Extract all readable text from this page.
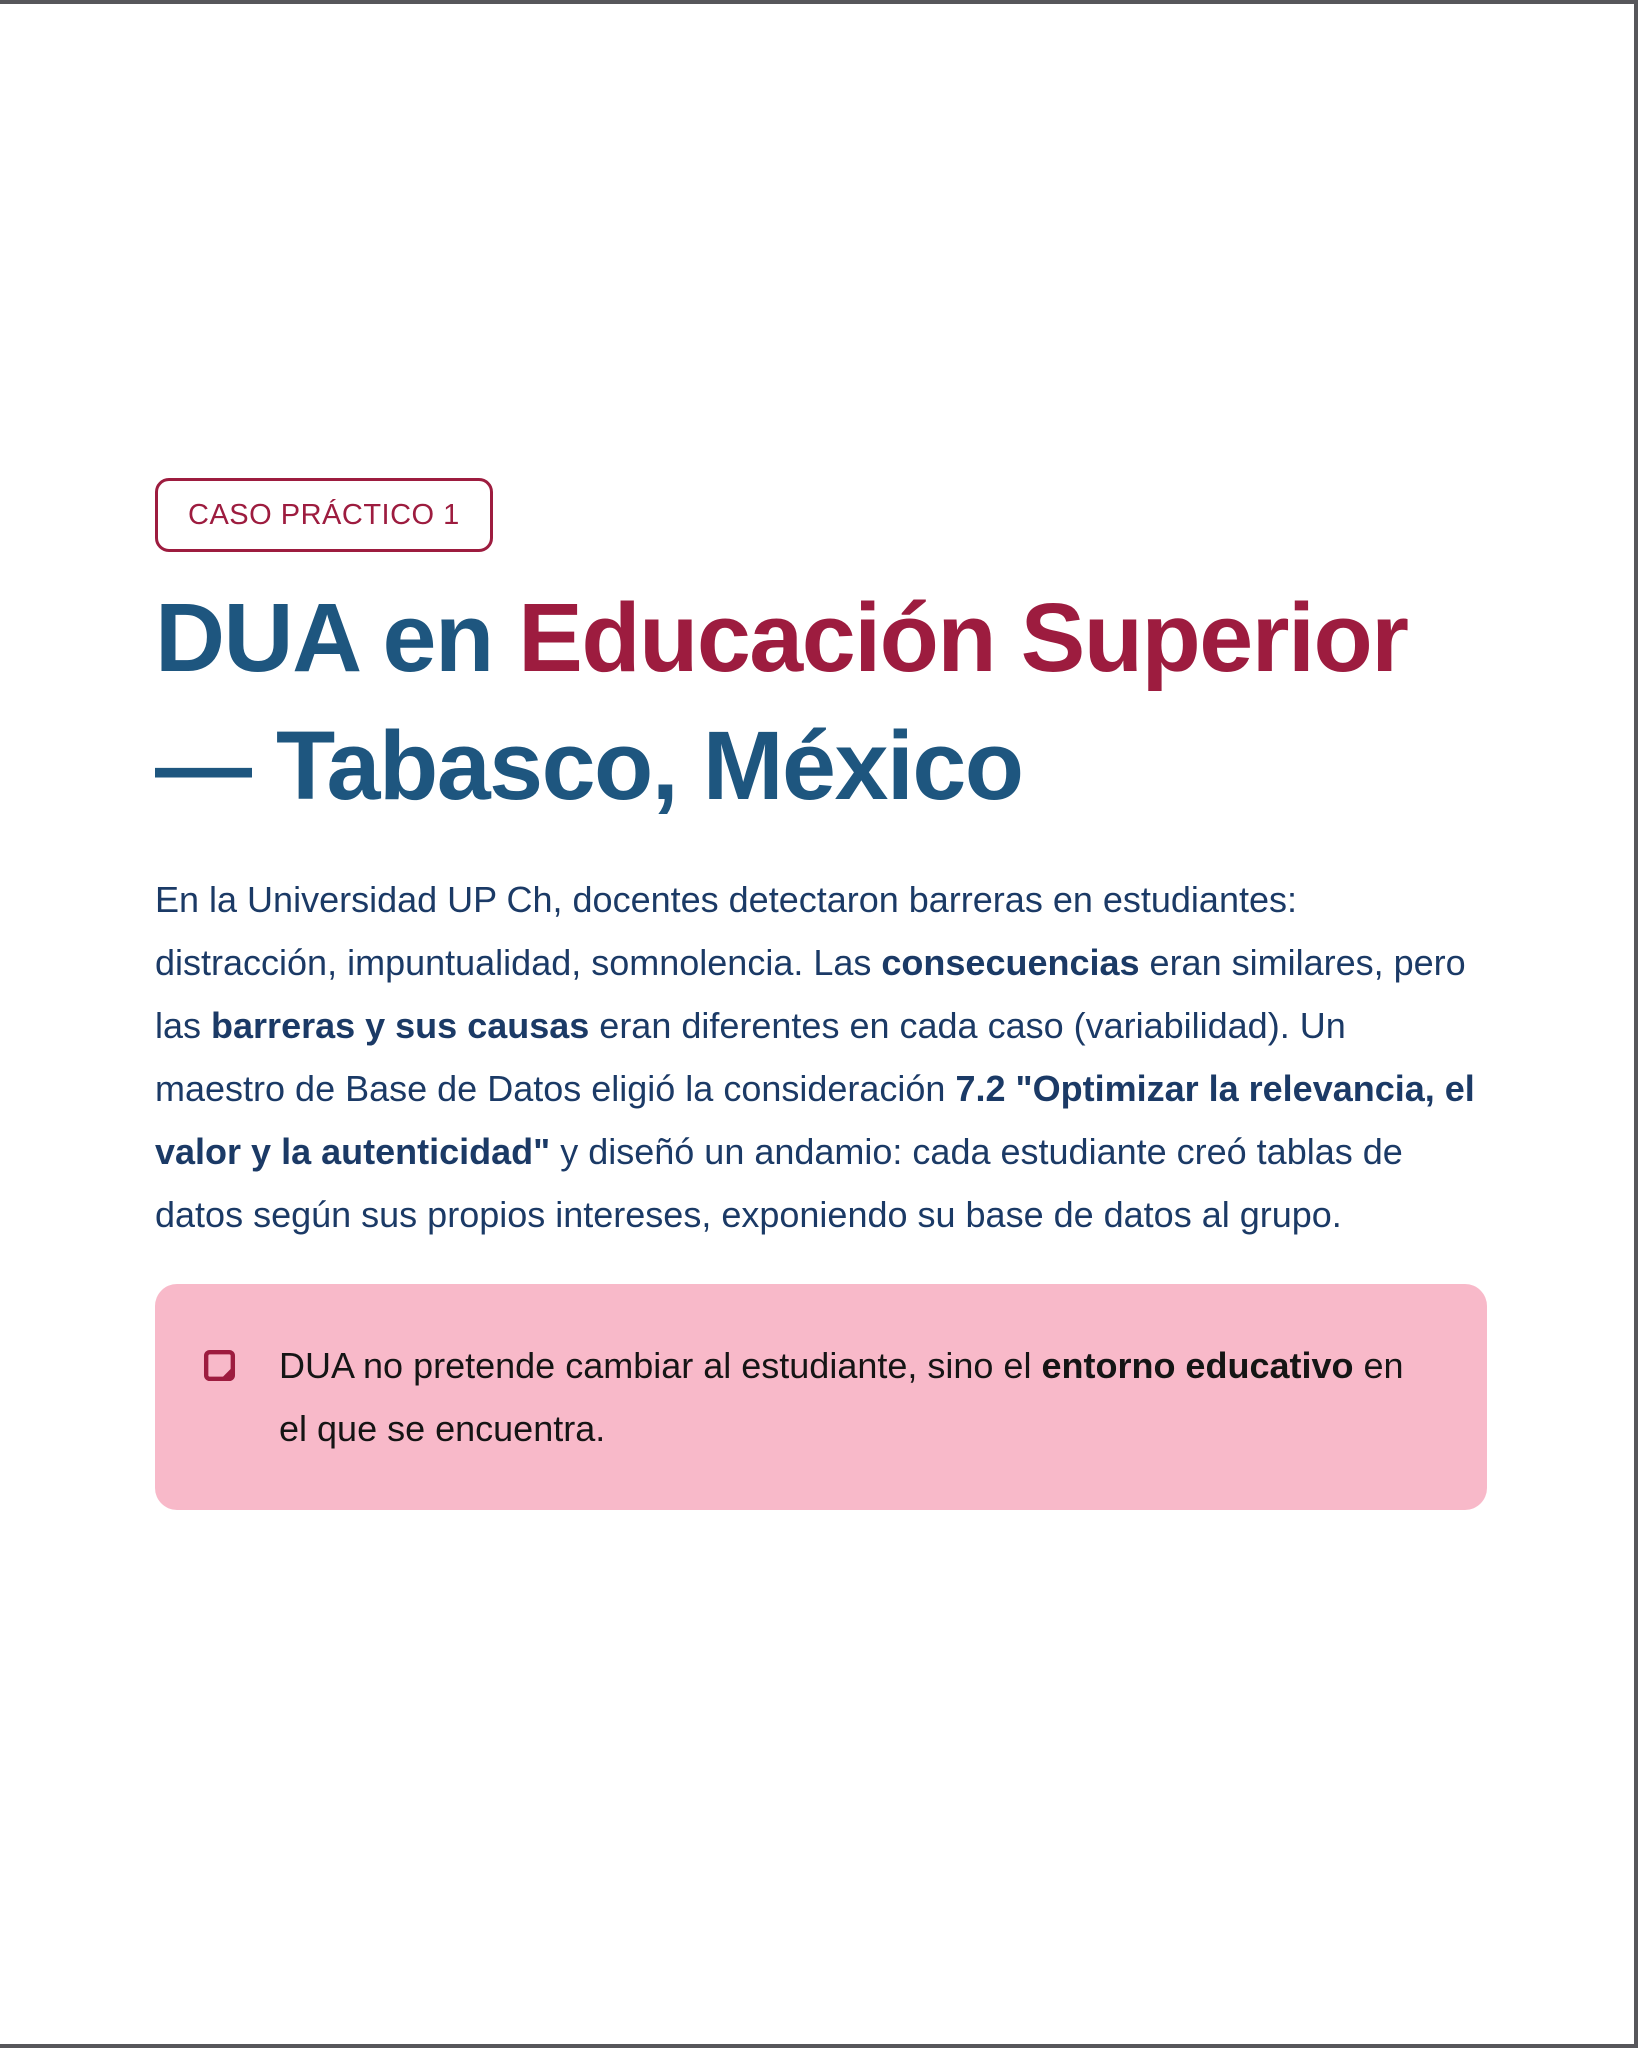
CASO PRÁCTICO 1
DUA en Educación Superior
— Tabasco, México

En la Universidad UP Ch, docentes detectaron barreras en estudiantes: distracción, impuntualidad, somnolencia. Las consecuencias eran similares, pero las barreras y sus causas eran diferentes en cada caso (variabilidad). Un maestro de Base de Datos eligió la consideración 7.2 "Optimizar la relevancia, el valor y la autenticidad" y diseñó un andamio: cada estudiante creó tablas de datos según sus propios intereses, exponiendo su base de datos al grupo.

DUA no pretende cambiar al estudiante, sino el entorno educativo en el que se encuentra.
